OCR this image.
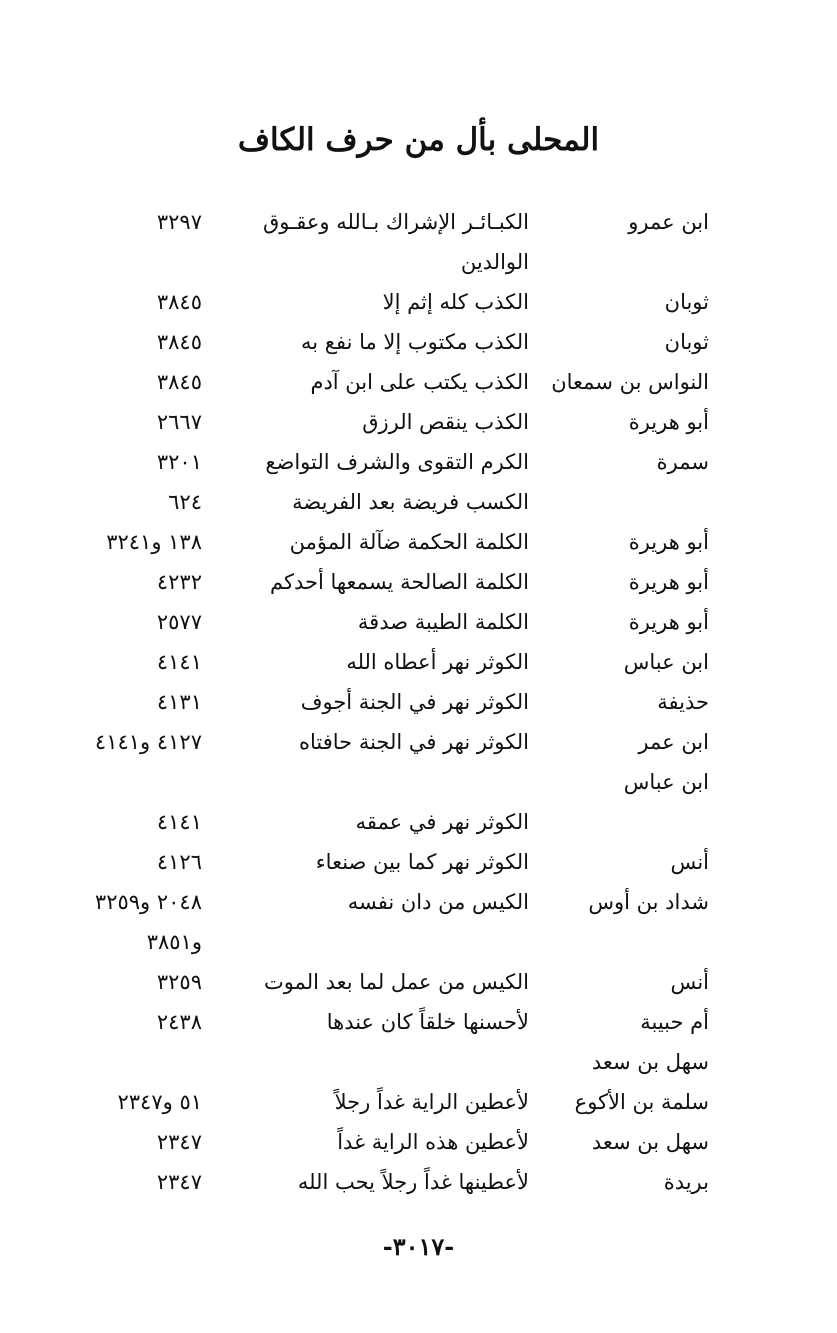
المحلى بأل من حرف الكاف
ابن عمرو
الكبـائـر الإشراك بـالله وعقـوق
٣٢٩٧
الوالدين
ثوبان
الكذب كله إثم إلا
٣٨٤٥
ثوبان
الكذب مكتوب إلا ما نفع به
٣٨٤٥
النواس بن سمعان
الكذب يكتب على ابن آدم
٣٨٤٥
أبو هريرة
الكذب ينقص الرزق
٢٦٦٧
سمرة
الكرم التقوى والشرف التواضع
٣٢٠١
الكسب فريضة بعد الفريضة
٦٢٤
أبو هريرة
الكلمة الحكمة ضآلة المؤمن
١٣٨ و٣٢٤١
أبو هريرة
الكلمة الصالحة يسمعها أحدكم
٤٢٣٢
أبو هريرة
الكلمة الطيبة صدقة
٢٥٧٧
ابن عباس
الكوثر نهر أعطاه الله
٤١٤١
حذيفة
الكوثر نهر في الجنة أجوف
٤١٣١
ابن عمر
الكوثر نهر في الجنة حافتاه
٤١٢٧ و٤١٤١
ابن عباس
الكوثر نهر في عمقه
٤١٤١
أنس
الكوثر نهر كما بين صنعاء
٤١٢٦
شداد بن أوس
الكيس من دان نفسه
٢٠٤٨ و٣٢٥٩
و٣٨٥١
أنس
الكيس من عمل لما بعد الموت
٣٢٥٩
أم حبيبة
لأحسنها خلقاً كان عندها
٢٤٣٨
سهل بن سعد
سلمة بن الأكوع
لأعطين الراية غداً رجلاً
٥١ و٢٣٤٧
سهل بن سعد
لأعطين هذه الراية غداً
٢٣٤٧
بريدة
لأعطينها غداً رجلاً يحب الله
٢٣٤٧
-٣٠١٧-
